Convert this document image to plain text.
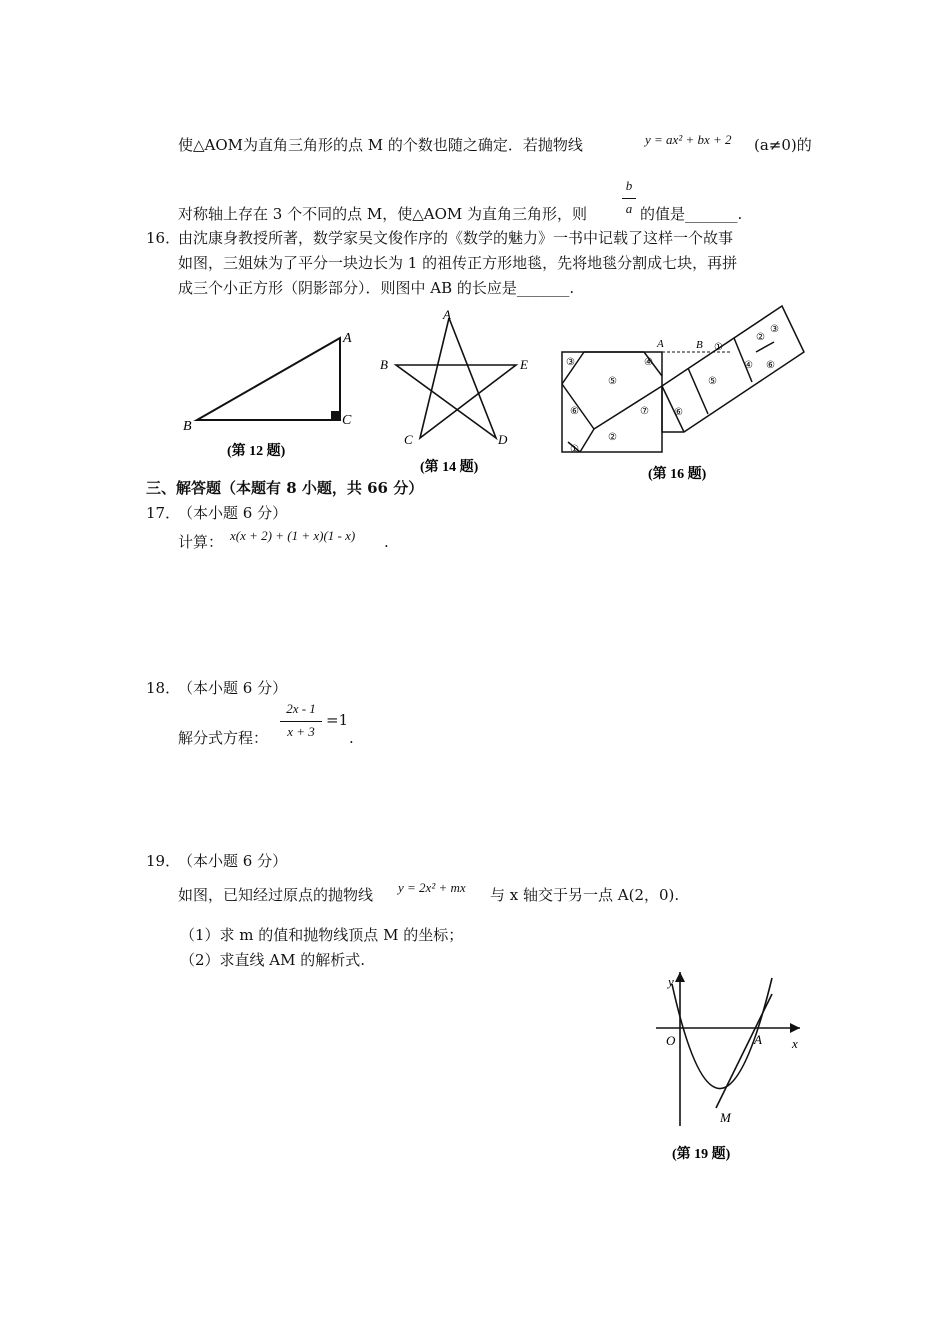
使△AOM为直角三角形的点 M 的个数也随之确定．若抛物线	y = ax² + bx + 2 (a≠0)的
b
a
对称轴上存在 3 个不同的点 M，使△AOM 为直角三角形，则	的值是_______.
16．
由沈康身教授所著，数学家吴文俊作序的《数学的魅力》一书中记载了这样一个故事
如图，三姐妹为了平分一块边长为 1 的祖传正方形地毯，先将地毯分割成七块，再拼
成三个小正方形（阴影部分）．则图中 AB 的长应是_______.
A
B	C
(第 12 题)
A
B	E
C	D
(第 14 题)
A	B
③	④
⑤
⑥	⑦	⑥
②
①
①
⑤
④ ⑥
②
③
(第 16 题)
三、解答题（本题有 8 小题，共 66 分）
17．
（本小题 6 分）
计算： x(x + 2) + (1 + x)(1 - x) .
18．
（本小题 6 分）
2x - 1
x + 3
=1
解分式方程：	.
19．
（本小题 6 分）
如图，已知经过原点的抛物线 y = 2x² + mx 与 x 轴交于另一点 A(2，0).
（1）求 m 的值和抛物线顶点 M 的坐标；
（2）求直线 AM 的解析式.
y
x
O	A
M
(第 19 题)
